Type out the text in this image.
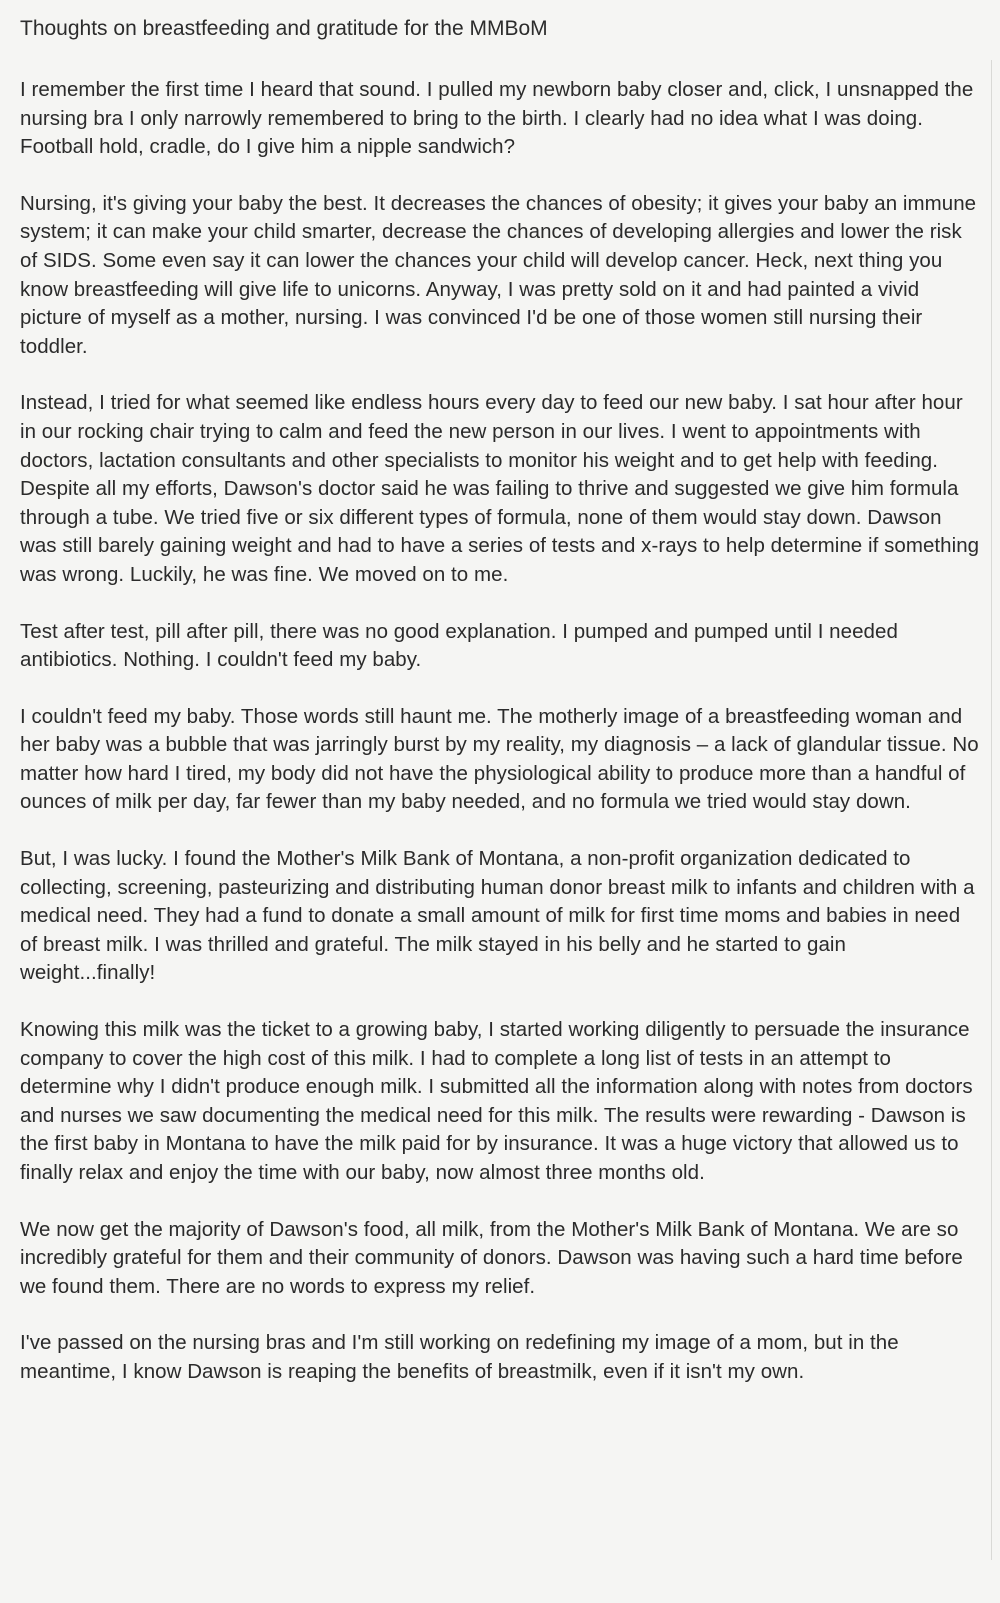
Thoughts on breastfeeding and gratitude for the MMBoM

I remember the first time I heard that sound. I pulled my newborn baby closer and, click, I unsnapped the nursing bra I only narrowly remembered to bring to the birth. I clearly had no idea what I was doing. Football hold, cradle, do I give him a nipple sandwich?

Nursing, it's giving your baby the best. It decreases the chances of obesity; it gives your baby an immune system; it can make your child smarter, decrease the chances of developing allergies and lower the risk of SIDS. Some even say it can lower the chances your child will develop cancer. Heck, next thing you know breastfeeding will give life to unicorns. Anyway, I was pretty sold on it and had painted a vivid picture of myself as a mother, nursing. I was convinced I'd be one of those women still nursing their toddler.

Instead, I tried for what seemed like endless hours every day to feed our new baby. I sat hour after hour in our rocking chair trying to calm and feed the new person in our lives. I went to appointments with doctors, lactation consultants and other specialists to monitor his weight and to get help with feeding. Despite all my efforts, Dawson's doctor said he was failing to thrive and suggested we give him formula through a tube. We tried five or six different types of formula, none of them would stay down. Dawson was still barely gaining weight and had to have a series of tests and x-rays to help determine if something was wrong. Luckily, he was fine. We moved on to me.

Test after test, pill after pill, there was no good explanation. I pumped and pumped until I needed antibiotics. Nothing. I couldn't feed my baby.

I couldn't feed my baby. Those words still haunt me. The motherly image of a breastfeeding woman and her baby was a bubble that was jarringly burst by my reality, my diagnosis – a lack of glandular tissue. No matter how hard I tired, my body did not have the physiological ability to produce more than a handful of ounces of milk per day, far fewer than my baby needed, and no formula we tried would stay down.

But, I was lucky. I found the Mother's Milk Bank of Montana, a non-profit organization dedicated to collecting, screening, pasteurizing and distributing human donor breast milk to infants and children with a medical need. They had a fund to donate a small amount of milk for first time moms and babies in need of breast milk. I was thrilled and grateful. The milk stayed in his belly and he started to gain weight...finally!

Knowing this milk was the ticket to a growing baby, I started working diligently to persuade the insurance company to cover the high cost of this milk. I had to complete a long list of tests in an attempt to determine why I didn't produce enough milk. I submitted all the information along with notes from doctors and nurses we saw documenting the medical need for this milk. The results were rewarding - Dawson is the first baby in Montana to have the milk paid for by insurance. It was a huge victory that allowed us to finally relax and enjoy the time with our baby, now almost three months old.

We now get the majority of Dawson's food, all milk, from the Mother's Milk Bank of Montana. We are so incredibly grateful for them and their community of donors. Dawson was having such a hard time before we found them. There are no words to express my relief.

I've passed on the nursing bras and I'm still working on redefining my image of a mom, but in the meantime, I know Dawson is reaping the benefits of breastmilk, even if it isn't my own.
